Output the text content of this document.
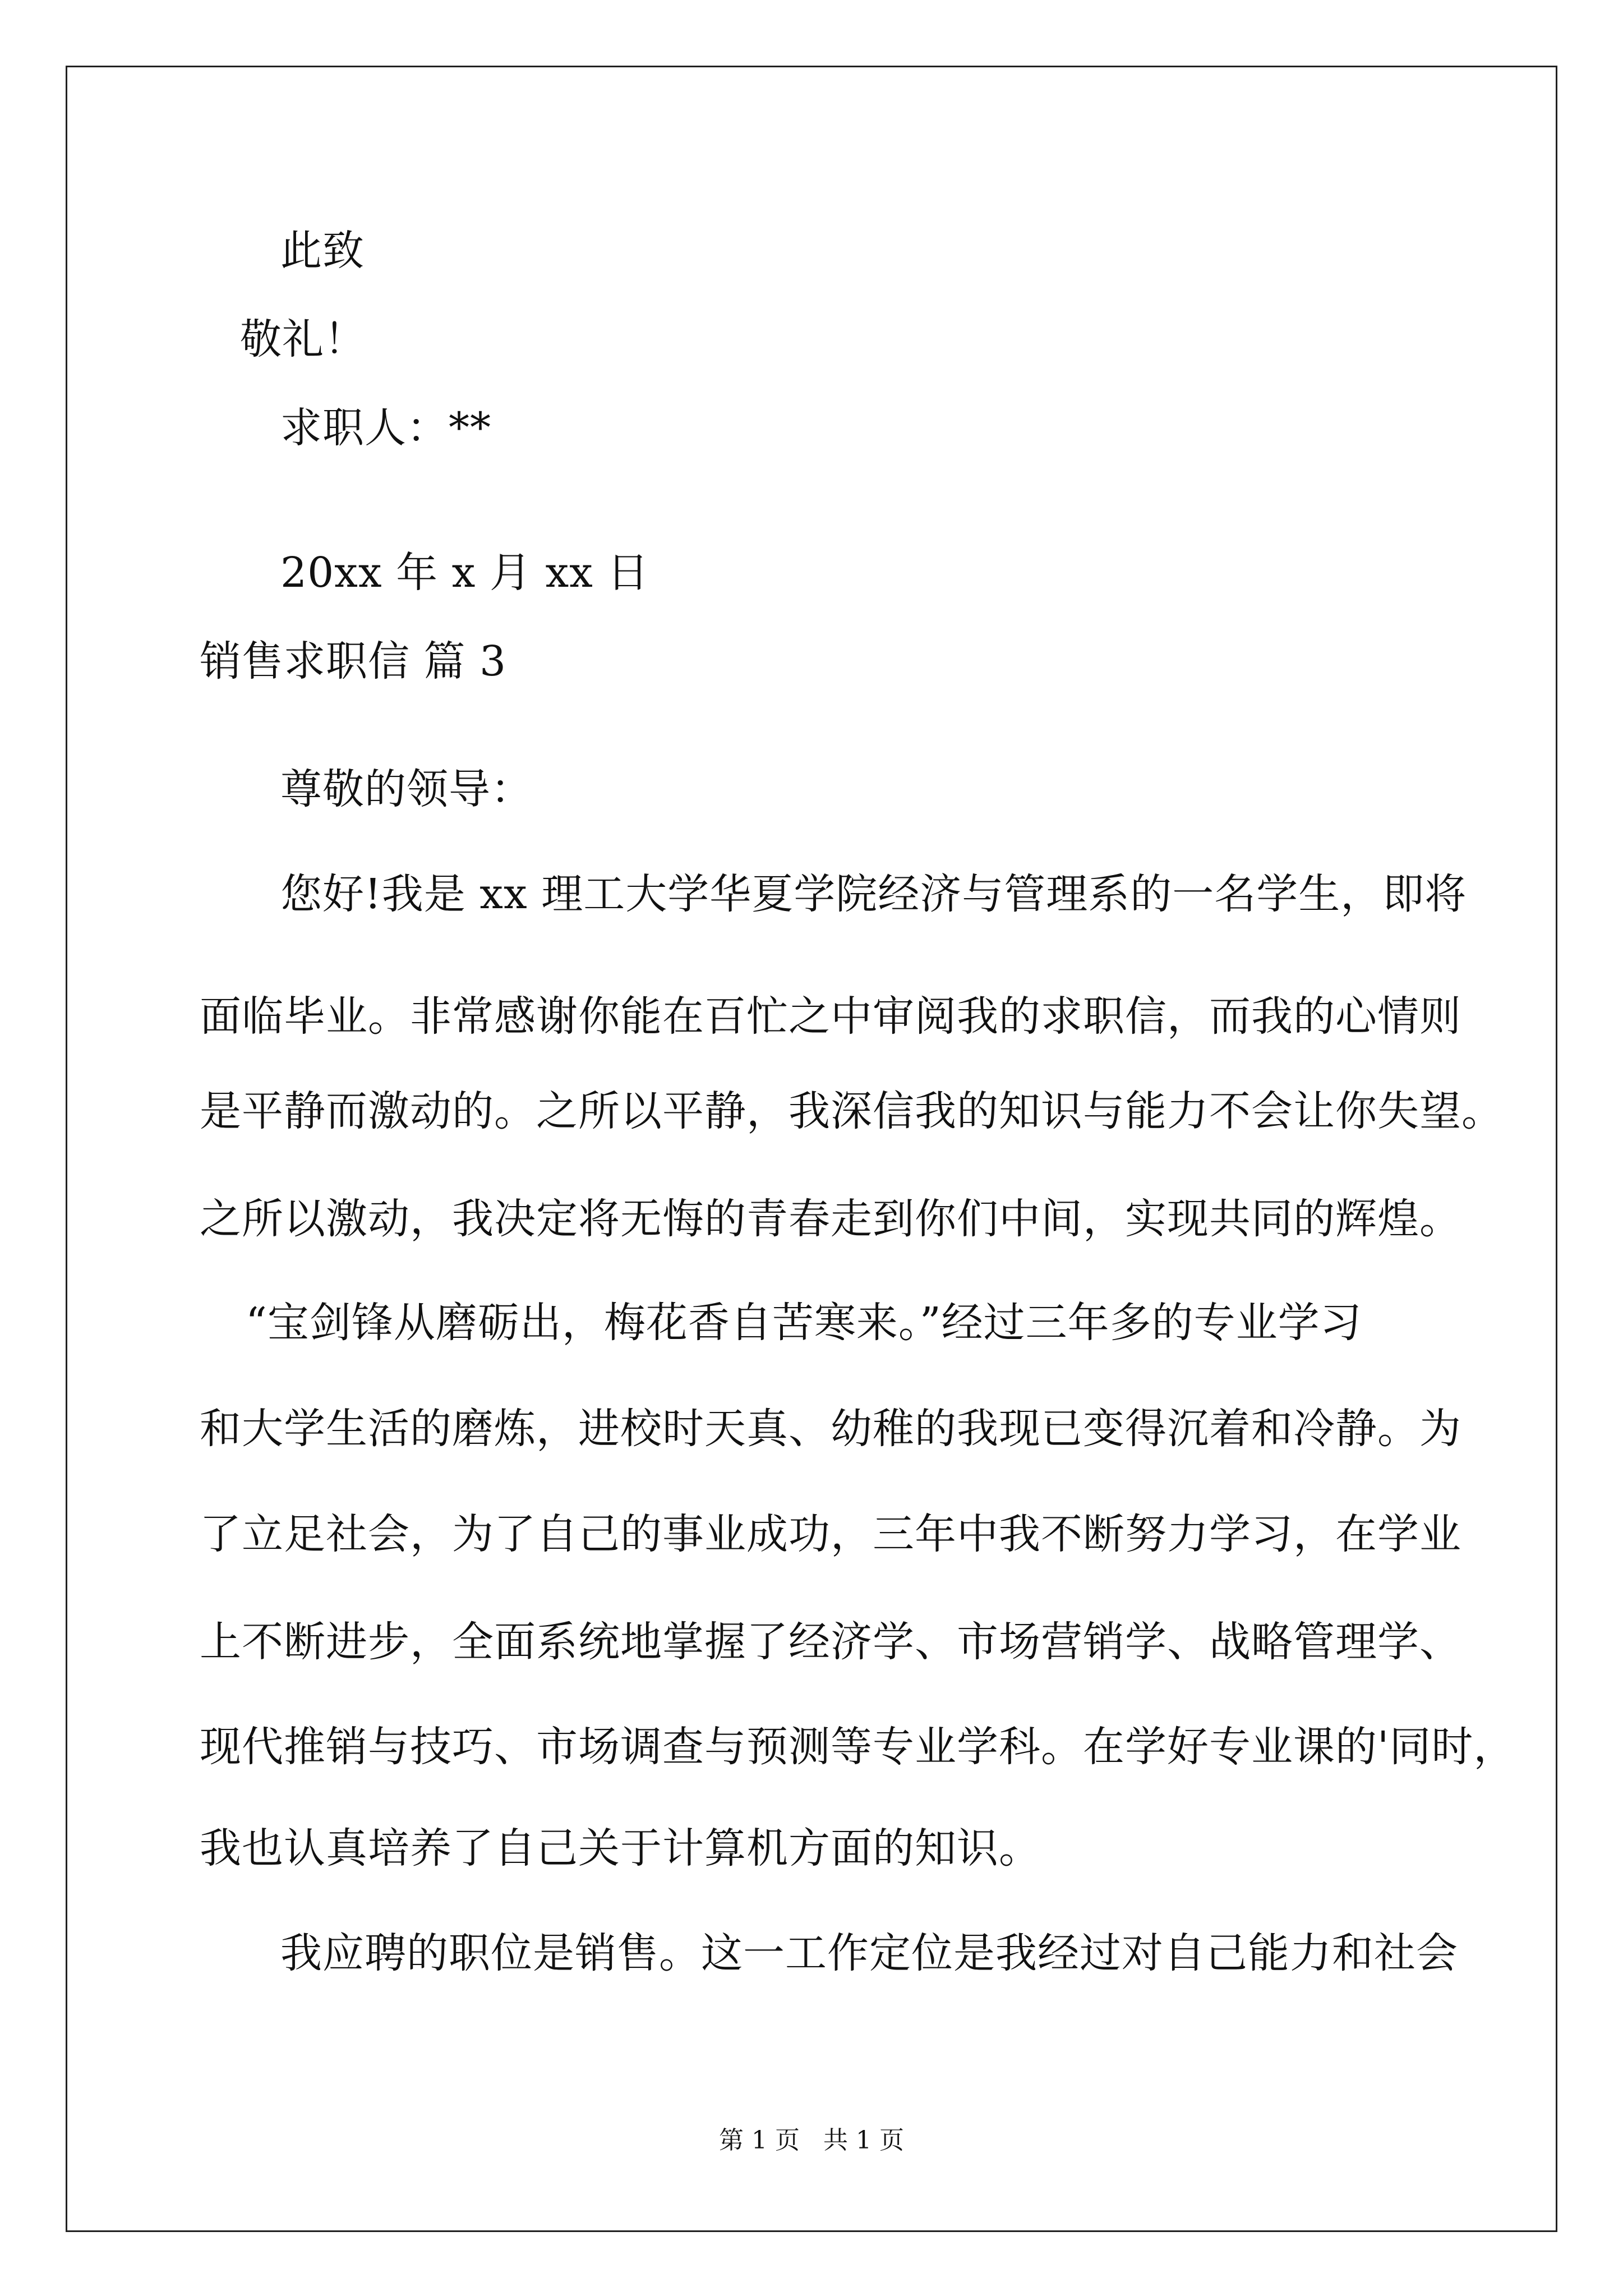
此致
敬礼！
求职人：**
20xx 年 x 月 xx 日
销售求职信 篇 3
尊敬的领导：
您好!我是 xx 理工大学华夏学院经济与管理系的一名学生，即将
面临毕业。非常感谢你能在百忙之中审阅我的求职信，而我的心情则
是平静而激动的。之所以平静，我深信我的知识与能力不会让你失望。
之所以激动，我决定将无悔的青春走到你们中间，实现共同的辉煌。
“宝剑锋从磨砺出，梅花香自苦寒来。”经过三年多的专业学习
和大学生活的磨炼，进校时天真、幼稚的我现已变得沉着和冷静。为
了立足社会，为了自己的事业成功，三年中我不断努力学习，在学业
上不断进步，全面系统地掌握了经济学、市场营销学、战略管理学、
现代推销与技巧、市场调查与预测等专业学科。在学好专业课的'同时，
我也认真培养了自己关于计算机方面的知识。
我应聘的职位是销售。这一工作定位是我经过对自己能力和社会
第 1 页   共 1 页
